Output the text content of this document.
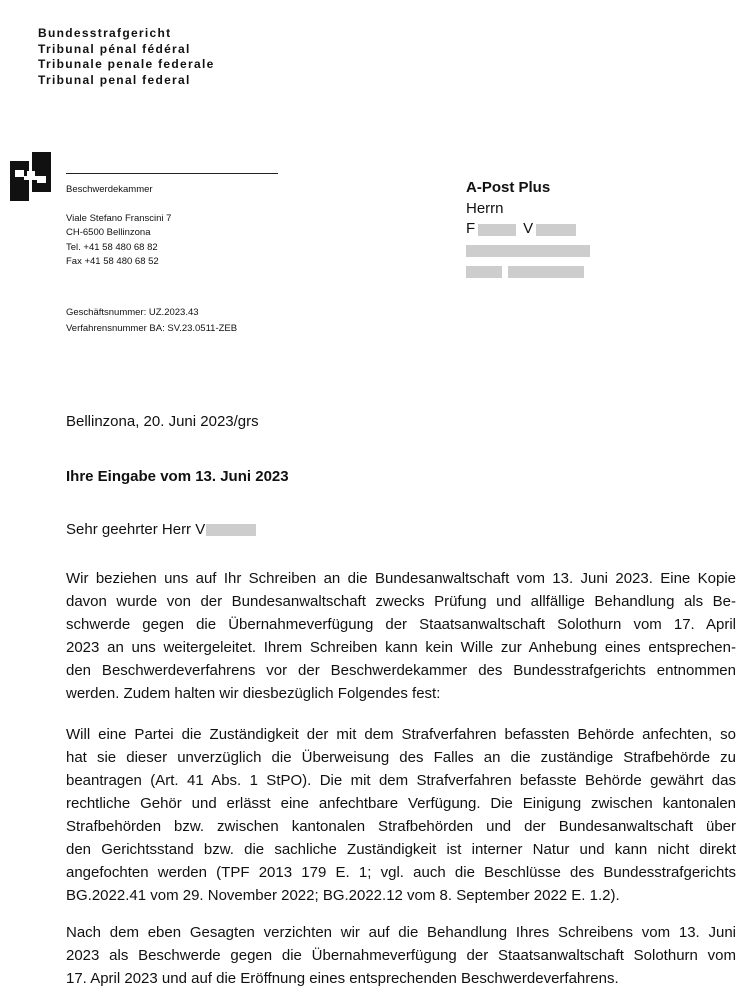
Bundesstrafgericht
Tribunal pénal fédéral
Tribunale penale federale
Tribunal penal federal
Beschwerdekammer
Viale Stefano Franscini 7
CH-6500 Bellinzona
Tel. +41 58 480 68 82
Fax +41 58 480 68 52
Geschäftsnummer: UZ.2023.43
Verfahrensnummer BA: SV.23.0511-ZEB
A-Post Plus
Herrn
F	V
Bellinzona, 20. Juni 2023/grs
Ihre Eingabe vom 13. Juni 2023
Sehr geehrter Herr V
Wir beziehen uns auf Ihr Schreiben an die Bundesanwaltschaft vom 13. Juni 2023. Eine Kopie
davon wurde von der Bundesanwaltschaft zwecks Prüfung und allfällige Behandlung als Be-
schwerde gegen die Übernahmeverfügung der Staatsanwaltschaft Solothurn vom 17. April
2023 an uns weitergeleitet. Ihrem Schreiben kann kein Wille zur Anhebung eines entsprechen-
den Beschwerdeverfahrens vor der Beschwerdekammer des Bundesstrafgerichts entnommen
werden. Zudem halten wir diesbezüglich Folgendes fest:
Will eine Partei die Zuständigkeit der mit dem Strafverfahren befassten Behörde anfechten, so
hat sie dieser unverzüglich die Überweisung des Falles an die zuständige Strafbehörde zu
beantragen (Art. 41 Abs. 1 StPO). Die mit dem Strafverfahren befasste Behörde gewährt das
rechtliche Gehör und erlässt eine anfechtbare Verfügung. Die Einigung zwischen kantonalen
Strafbehörden bzw. zwischen kantonalen Strafbehörden und der Bundesanwaltschaft über
den Gerichtsstand bzw. die sachliche Zuständigkeit ist interner Natur und kann nicht direkt
angefochten werden (TPF 2013 179 E. 1; vgl. auch die Beschlüsse des Bundesstrafgerichts
BG.2022.41 vom 29. November 2022; BG.2022.12 vom 8. September 2022 E. 1.2).
Nach dem eben Gesagten verzichten wir auf die Behandlung Ihres Schreibens vom 13. Juni
2023 als Beschwerde gegen die Übernahmeverfügung der Staatsanwaltschaft Solothurn vom
17. April 2023 und auf die Eröffnung eines entsprechenden Beschwerdeverfahrens.
